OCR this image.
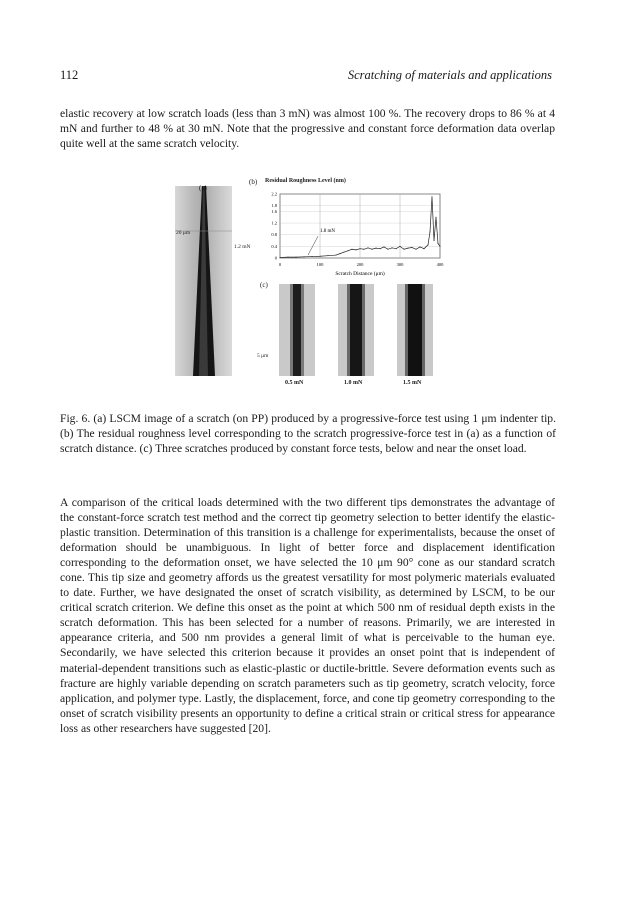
112	Scratching of materials and applications

elastic recovery at low scratch loads (less than 3 mN) was almost 100 %. The recovery drops to 86 % at 4 mN and further to 48 % at 30 mN. Note that the progressive and constant force deformation data overlap quite well at the same scratch velocity.

(a)
20 μm
1.2 mN
(b) Residual Roughness Level (nm)
0	100	200	300	400
0
0.4
0.8
1.2
1.6
1.8
2.2
1.8 mN
Scratch Distance (μm)
(c)
5 μm
0.5 mN	1.0 mN	1.5 mN

Fig. 6. (a) LSCM image of a scratch (on PP) produced by a progressive-force test using 1 μm indenter tip. (b) The residual roughness level corresponding to the scratch progressive-force test in (a) as a function of scratch distance. (c) Three scratches produced by constant force tests, below and near the onset load.

A comparison of the critical loads determined with the two different tips demonstrates the advantage of the constant-force scratch test method and the correct tip geometry selection to better identify the elastic-plastic transition. Determination of this transition is a challenge for experimentalists, because the onset of deformation should be unambiguous. In light of better force and displacement identification corresponding to the deformation onset, we have selected the 10 μm 90° cone as our standard scratch cone. This tip size and geometry affords us the greatest versatility for most polymeric materials evaluated to date. Further, we have designated the onset of scratch visibility, as determined by LSCM, to be our critical scratch criterion. We define this onset as the point at which 500 nm of residual depth exists in the scratch deformation. This has been selected for a number of reasons. Primarily, we are interested in appearance criteria, and 500 nm provides a general limit of what is perceivable to the human eye. Secondarily, we have selected this criterion because it provides an onset point that is independent of material-dependent transitions such as elastic-plastic or ductile-brittle. Severe deformation events such as fracture are highly variable depending on scratch parameters such as tip geometry, scratch velocity, force application, and polymer type. Lastly, the displacement, force, and cone tip geometry corresponding to the onset of scratch visibility presents an opportunity to define a critical strain or critical stress for appearance loss as other researchers have suggested [20].
